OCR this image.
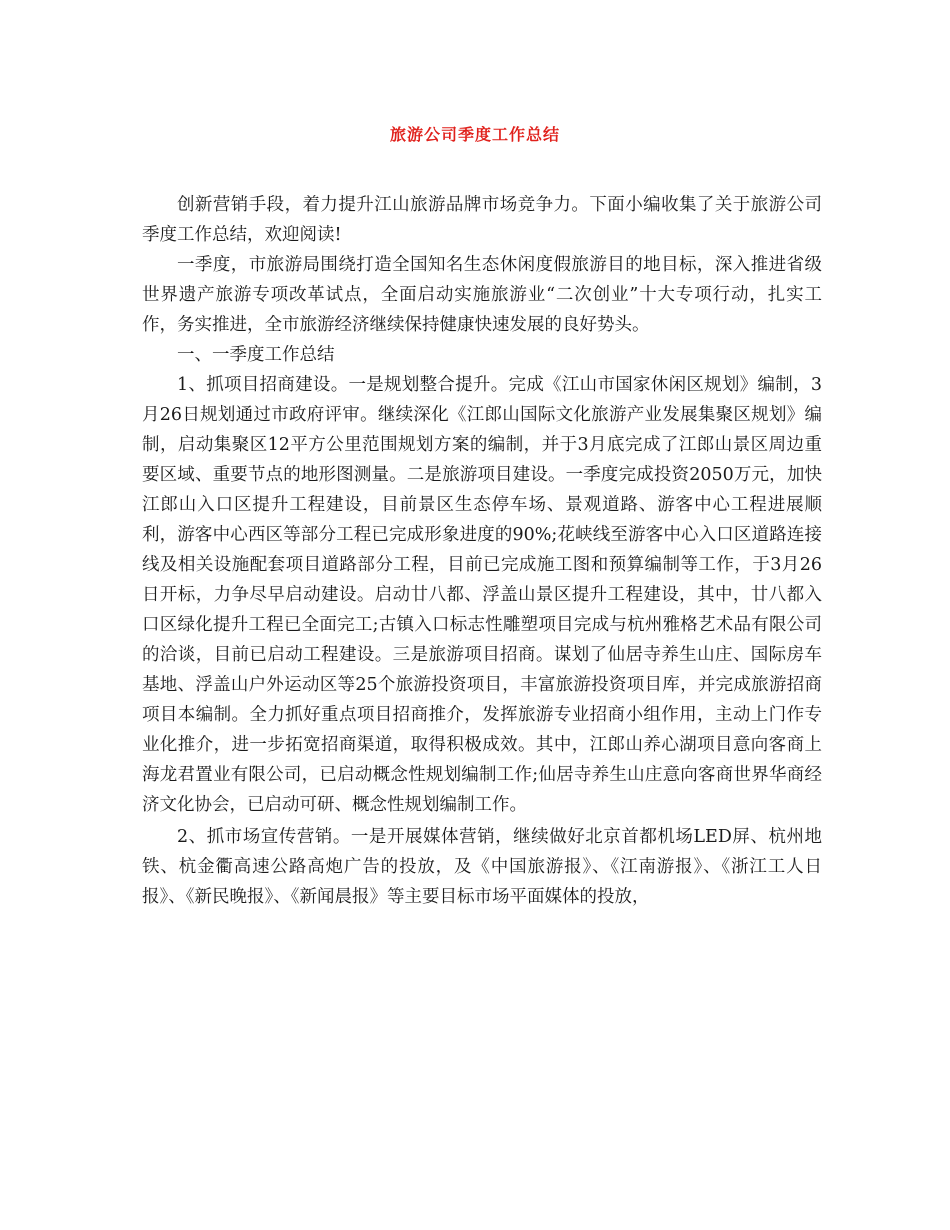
旅游公司季度工作总结

创新营销手段，着力提升江山旅游品牌市场竞争力。下面小编收集了关于旅游公司季度工作总结，欢迎阅读!

一季度，市旅游局围绕打造全国知名生态休闲度假旅游目的地目标，深入推进省级世界遗产旅游专项改革试点，全面启动实施旅游业“二次创业”十大专项行动，扎实工作，务实推进，全市旅游经济继续保持健康快速发展的良好势头。

一、一季度工作总结

1、抓项目招商建设。一是规划整合提升。完成《江山市国家休闲区规划》编制，3月26日规划通过市政府评审。继续深化《江郎山国际文化旅游产业发展集聚区规划》编制，启动集聚区12平方公里范围规划方案的编制，并于3月底完成了江郎山景区周边重要区域、重要节点的地形图测量。二是旅游项目建设。一季度完成投资2050万元，加快江郎山入口区提升工程建设，目前景区生态停车场、景观道路、游客中心工程进展顺利，游客中心西区等部分工程已完成形象进度的90%;花峡线至游客中心入口区道路连接线及相关设施配套项目道路部分工程，目前已完成施工图和预算编制等工作，于3月26日开标，力争尽早启动建设。启动廿八都、浮盖山景区提升工程建设，其中，廿八都入口区绿化提升工程已全面完工;古镇入口标志性雕塑项目完成与杭州雅格艺术品有限公司的洽谈，目前已启动工程建设。三是旅游项目招商。谋划了仙居寺养生山庄、国际房车基地、浮盖山户外运动区等25个旅游投资项目，丰富旅游投资项目库，并完成旅游招商项目本编制。全力抓好重点项目招商推介，发挥旅游专业招商小组作用，主动上门作专业化推介，进一步拓宽招商渠道，取得积极成效。其中，江郎山养心湖项目意向客商上海龙君置业有限公司，已启动概念性规划编制工作;仙居寺养生山庄意向客商世界华商经济文化协会，已启动可研、概念性规划编制工作。

2、抓市场宣传营销。一是开展媒体营销，继续做好北京首都机场LED屏、杭州地铁、杭金衢高速公路高炮广告的投放，及《中国旅游报》、《江南游报》、《浙江工人日报》、《新民晚报》、《新闻晨报》等主要目标市场平面媒体的投放，
